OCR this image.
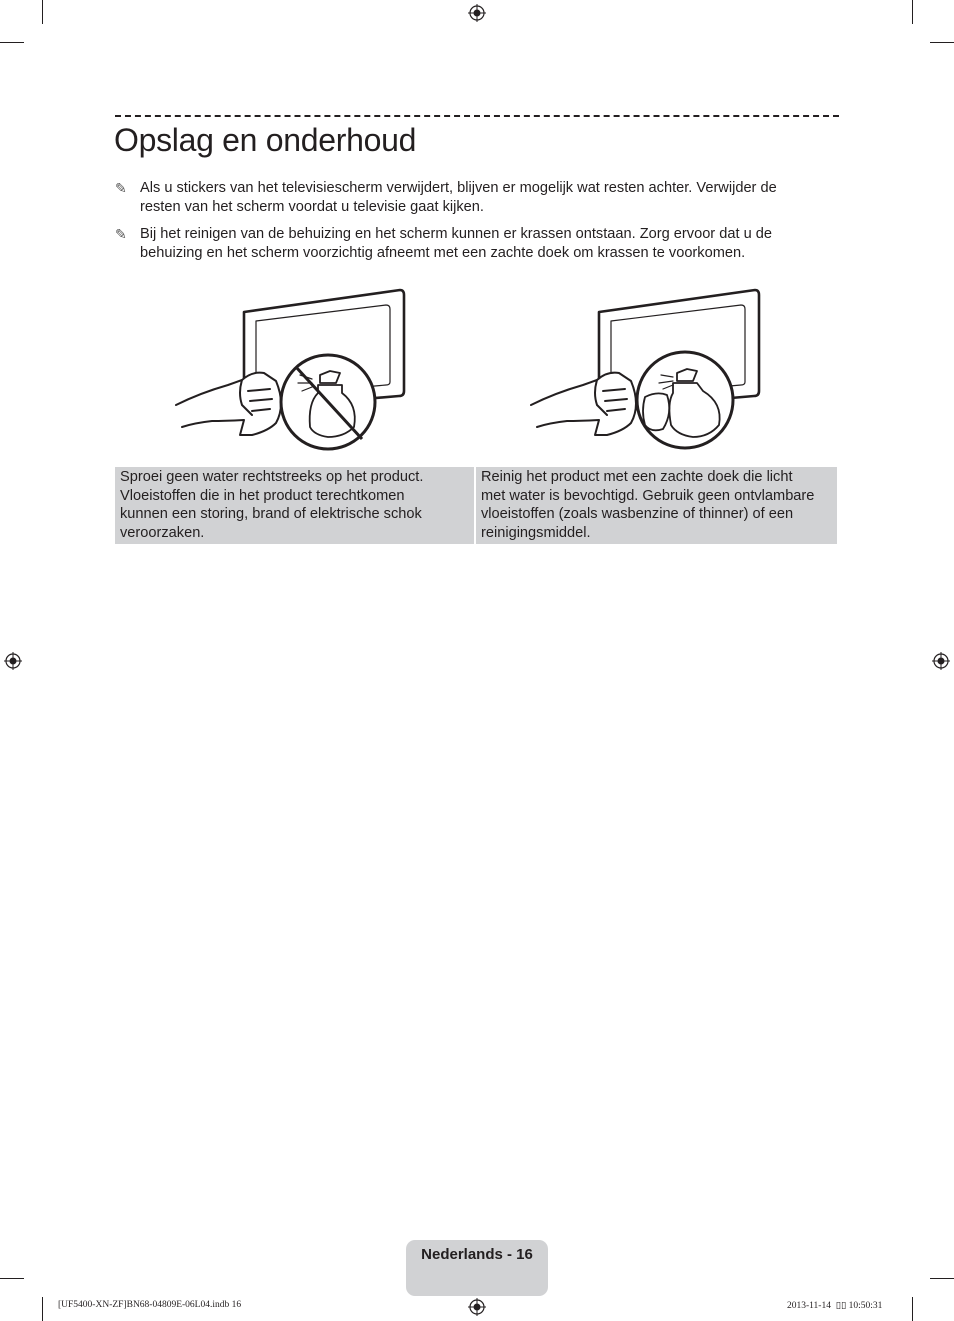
Opslag en onderhoud
✎ Als u stickers van het televisiescherm verwijdert, blijven er mogelijk wat resten achter. Verwijder de
resten van het scherm voordat u televisie gaat kijken.
✎ Bij het reinigen van de behuizing en het scherm kunnen er krassen ontstaan. Zorg ervoor dat u de
behuizing en het scherm voorzichtig afneemt met een zachte doek om krassen te voorkomen.
Sproei geen water rechtstreeks op het product.
Vloeistoffen die in het product terechtkomen
kunnen een storing, brand of elektrische schok
veroorzaken.
Reinig het product met een zachte doek die licht
met water is bevochtigd. Gebruik geen ontvlambare
vloeistoffen (zoals wasbenzine of thinner) of een
reinigingsmiddel.
Nederlands - 16
[UF5400-XN-ZF]BN68-04809E-06L04.indb 16	2013-11-14 ▯▯ 10:50:31
